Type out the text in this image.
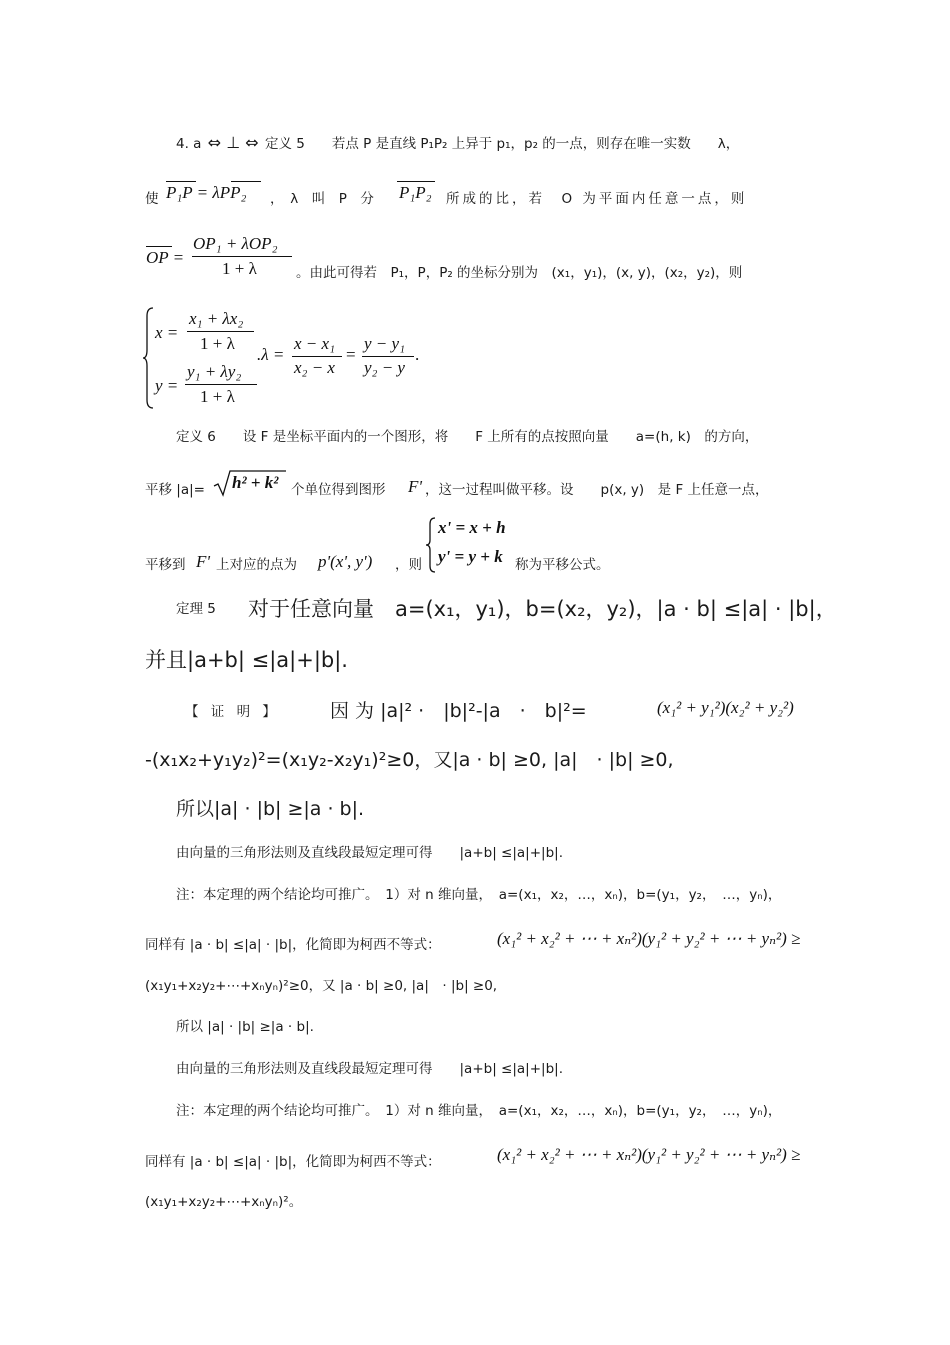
4. a ⇔ ⊥ ⇔ 定义 5　　若点 P 是直线 P₁P₂ 上异于 p₁，p₂ 的一点，则存在唯一实数　　λ，
使 P₁P = λPP₂ ，　λ　叫　P　分 P₁P₂ 所成的比，若　O 为平面内任意一点，则
OP =
OP₁ + λOP₂
1 + λ	。由此可得若　P₁，P，P₂ 的坐标分别为　(x₁，y₁)，(x, y)，(x₂，y₂)，则
x =
x₁ + λx₂
1 + λ
y =
y₁ + λy₂
1 + λ
.λ =
x − x₁
x₂ − x
=
y − y₁
y₂ − y
.
定义 6　　设 F 是坐标平面内的一个图形，将　　F 上所有的点按照向量　　a=(h, k)　的方向，
平移 |a|= h² + k² 个单位得到图形 F' ，这一过程叫做平移。设　　p(x, y)　是 F 上任意一点，
平移到 F' 上对应的点为 p'(x', y') ，则
x' = x + h
y' = y + k 称为平移公式。
定理 5 对于任意向量　a=(x₁，y₁)，b=(x₂，y₂)，|a · b| ≤|a| · |b|，
并且|a+b| ≤|a|+|b|.
【 证 明 】	因 为 |a|² ·　|b|²-|a　·　b|²=	(x₁² + y₁²)(x₂² + y₂²)
-(x₁x₂+y₁y₂)²=(x₁y₂-x₂y₁)²≥0，又|a · b| ≥0, |a|　· |b| ≥0,
所以|a| · |b| ≥|a · b|.
由向量的三角形法则及直线段最短定理可得　　|a+b| ≤|a|+|b|.
注：本定理的两个结论均可推广。　1）对 n 维向量，　a=(x₁，x₂，…，xₙ)，b=(y₁，y₂，　…，yₙ)，
同样有 |a · b| ≤|a| · |b|，化简即为柯西不等式：	(x₁² + x₂² + ⋯ + xₙ²)(y₁² + y₂² + ⋯ + yₙ²) ≥
(x₁y₁+x₂y₂+⋯+xₙyₙ)²≥0，又 |a · b| ≥0, |a|　· |b| ≥0,
所以 |a| · |b| ≥|a · b|.
由向量的三角形法则及直线段最短定理可得　　|a+b| ≤|a|+|b|.
注：本定理的两个结论均可推广。　1）对 n 维向量，　a=(x₁，x₂，…，xₙ)，b=(y₁，y₂，　…，yₙ)，
同样有 |a · b| ≤|a| · |b|，化简即为柯西不等式：	(x₁² + x₂² + ⋯ + xₙ²)(y₁² + y₂² + ⋯ + yₙ²) ≥
(x₁y₁+x₂y₂+⋯+xₙyₙ)²。
